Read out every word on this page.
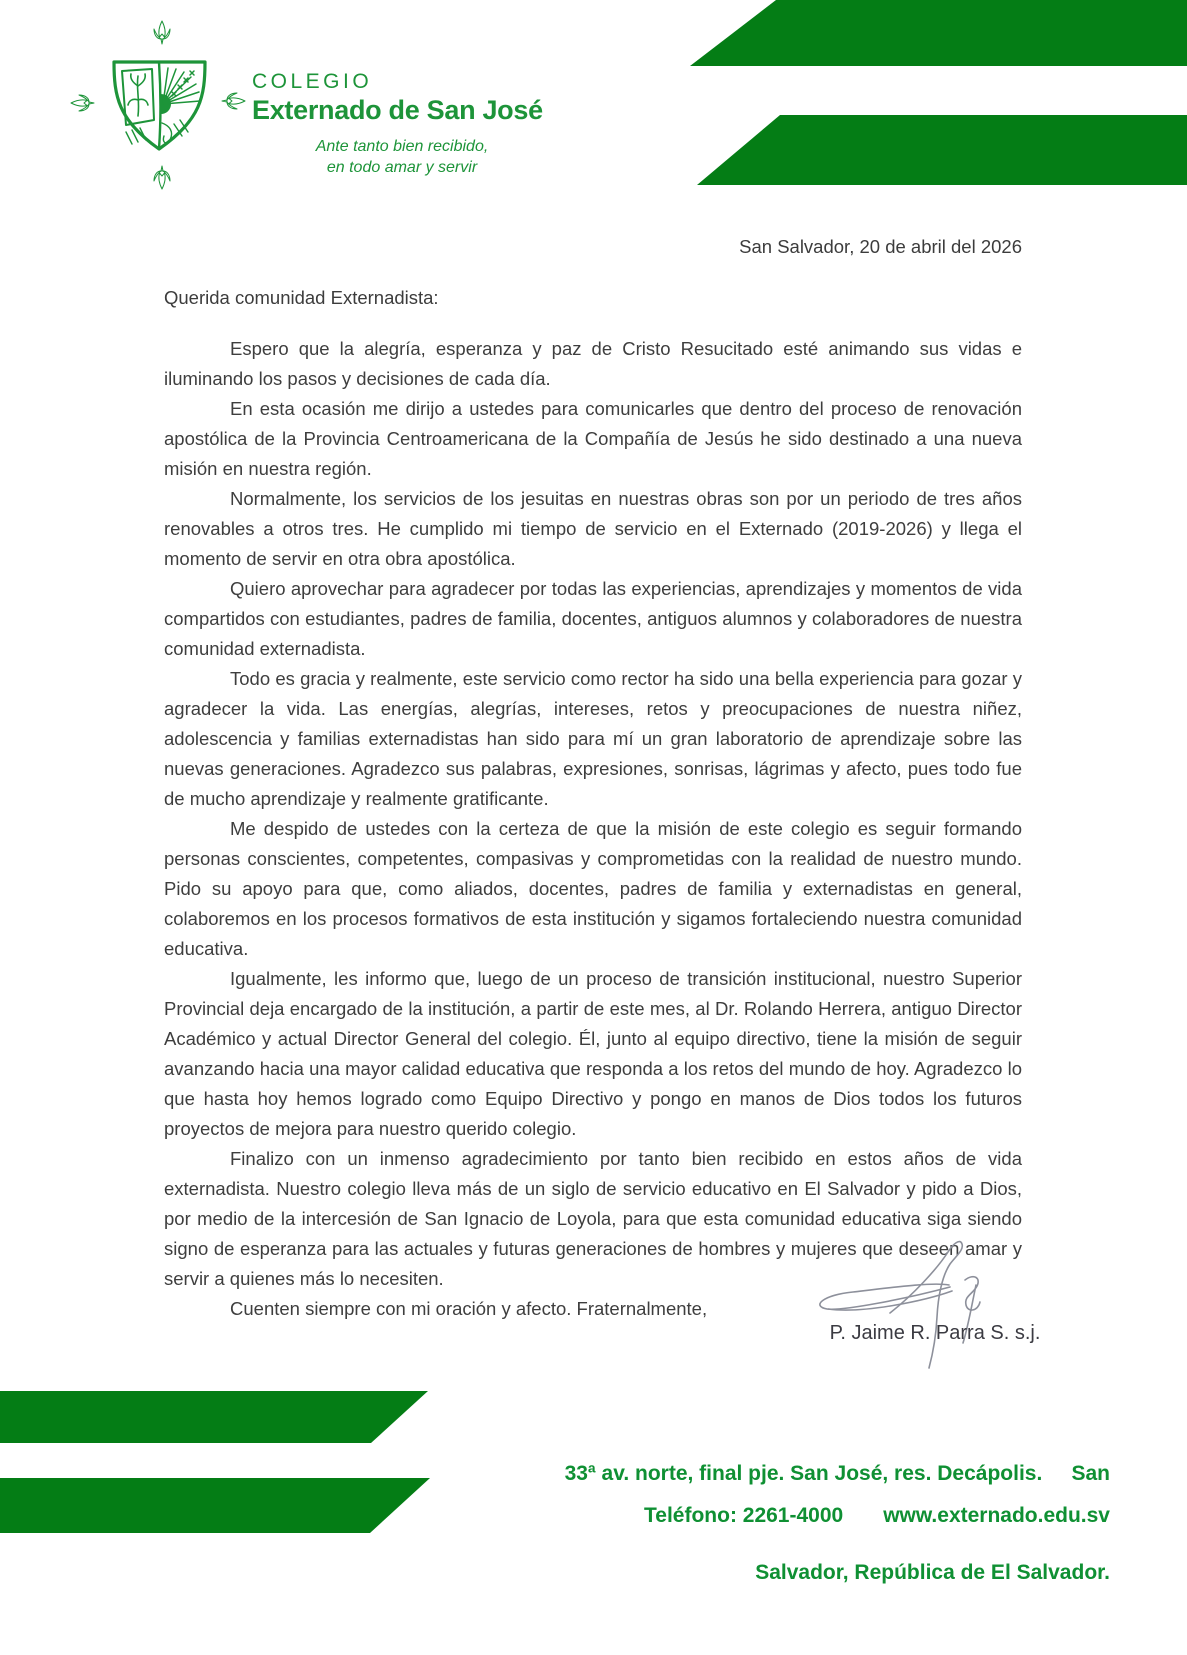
COLEGIO
Externado de San José
Ante tanto bien recibido,
en todo amar y servir
San Salvador, 20 de abril del 2026
Querida comunidad Externadista:

Espero que la alegría, esperanza y paz de Cristo Resucitado esté animando sus vidas e iluminando los pasos y decisiones de cada día.

En esta ocasión me dirijo a ustedes para comunicarles que dentro del proceso de renovación apostólica de la Provincia Centroamericana de la Compañía de Jesús he sido destinado a una nueva misión en nuestra región.

Normalmente, los servicios de los jesuitas en nuestras obras son por un periodo de tres años renovables a otros tres. He cumplido mi tiempo de servicio en el Externado (2019-2026) y llega el momento de servir en otra obra apostólica.

Quiero aprovechar para agradecer por todas las experiencias, aprendizajes y momentos de vida compartidos con estudiantes, padres de familia, docentes, antiguos alumnos y colaboradores de nuestra comunidad externadista.

Todo es gracia y realmente, este servicio como rector ha sido una bella experiencia para gozar y agradecer la vida. Las energías, alegrías, intereses, retos y preocupaciones de nuestra niñez, adolescencia y familias externadistas han sido para mí un gran laboratorio de aprendizaje sobre las nuevas generaciones. Agradezco sus palabras, expresiones, sonrisas, lágrimas y afecto, pues todo fue de mucho aprendizaje y realmente gratificante.

Me despido de ustedes con la certeza de que la misión de este colegio es seguir formando personas conscientes, competentes, compasivas y comprometidas con la realidad de nuestro mundo. Pido su apoyo para que, como aliados, docentes, padres de familia y externadistas en general, colaboremos en los procesos formativos de esta institución y sigamos fortaleciendo nuestra comunidad educativa.

Igualmente, les informo que, luego de un proceso de transición institucional, nuestro Superior Provincial deja encargado de la institución, a partir de este mes, al Dr. Rolando Herrera, antiguo Director Académico y actual Director General del colegio. Él, junto al equipo directivo, tiene la misión de seguir avanzando hacia una mayor calidad educativa que responda a los retos del mundo de hoy. Agradezco lo que hasta hoy hemos logrado como Equipo Directivo y pongo en manos de Dios todos los futuros proyectos de mejora para nuestro querido colegio.

Finalizo con un inmenso agradecimiento por tanto bien recibido en estos años de vida externadista. Nuestro colegio lleva más de un siglo de servicio educativo en El Salvador y pido a Dios, por medio de la intercesión de San Ignacio de Loyola, para que esta comunidad educativa siga siendo signo de esperanza para las actuales y futuras generaciones de hombres y mujeres que deseen amar y servir a quienes más lo necesiten.

Cuenten siempre con mi oración y afecto. Fraternalmente,

P. Jaime R. Parra S. s.j.

33ª av. norte, final pje. San José, res. Decápolis.     San

Salvador, República de El Salvador.

Teléfono: 2261-4000 www.externado.edu.sv
